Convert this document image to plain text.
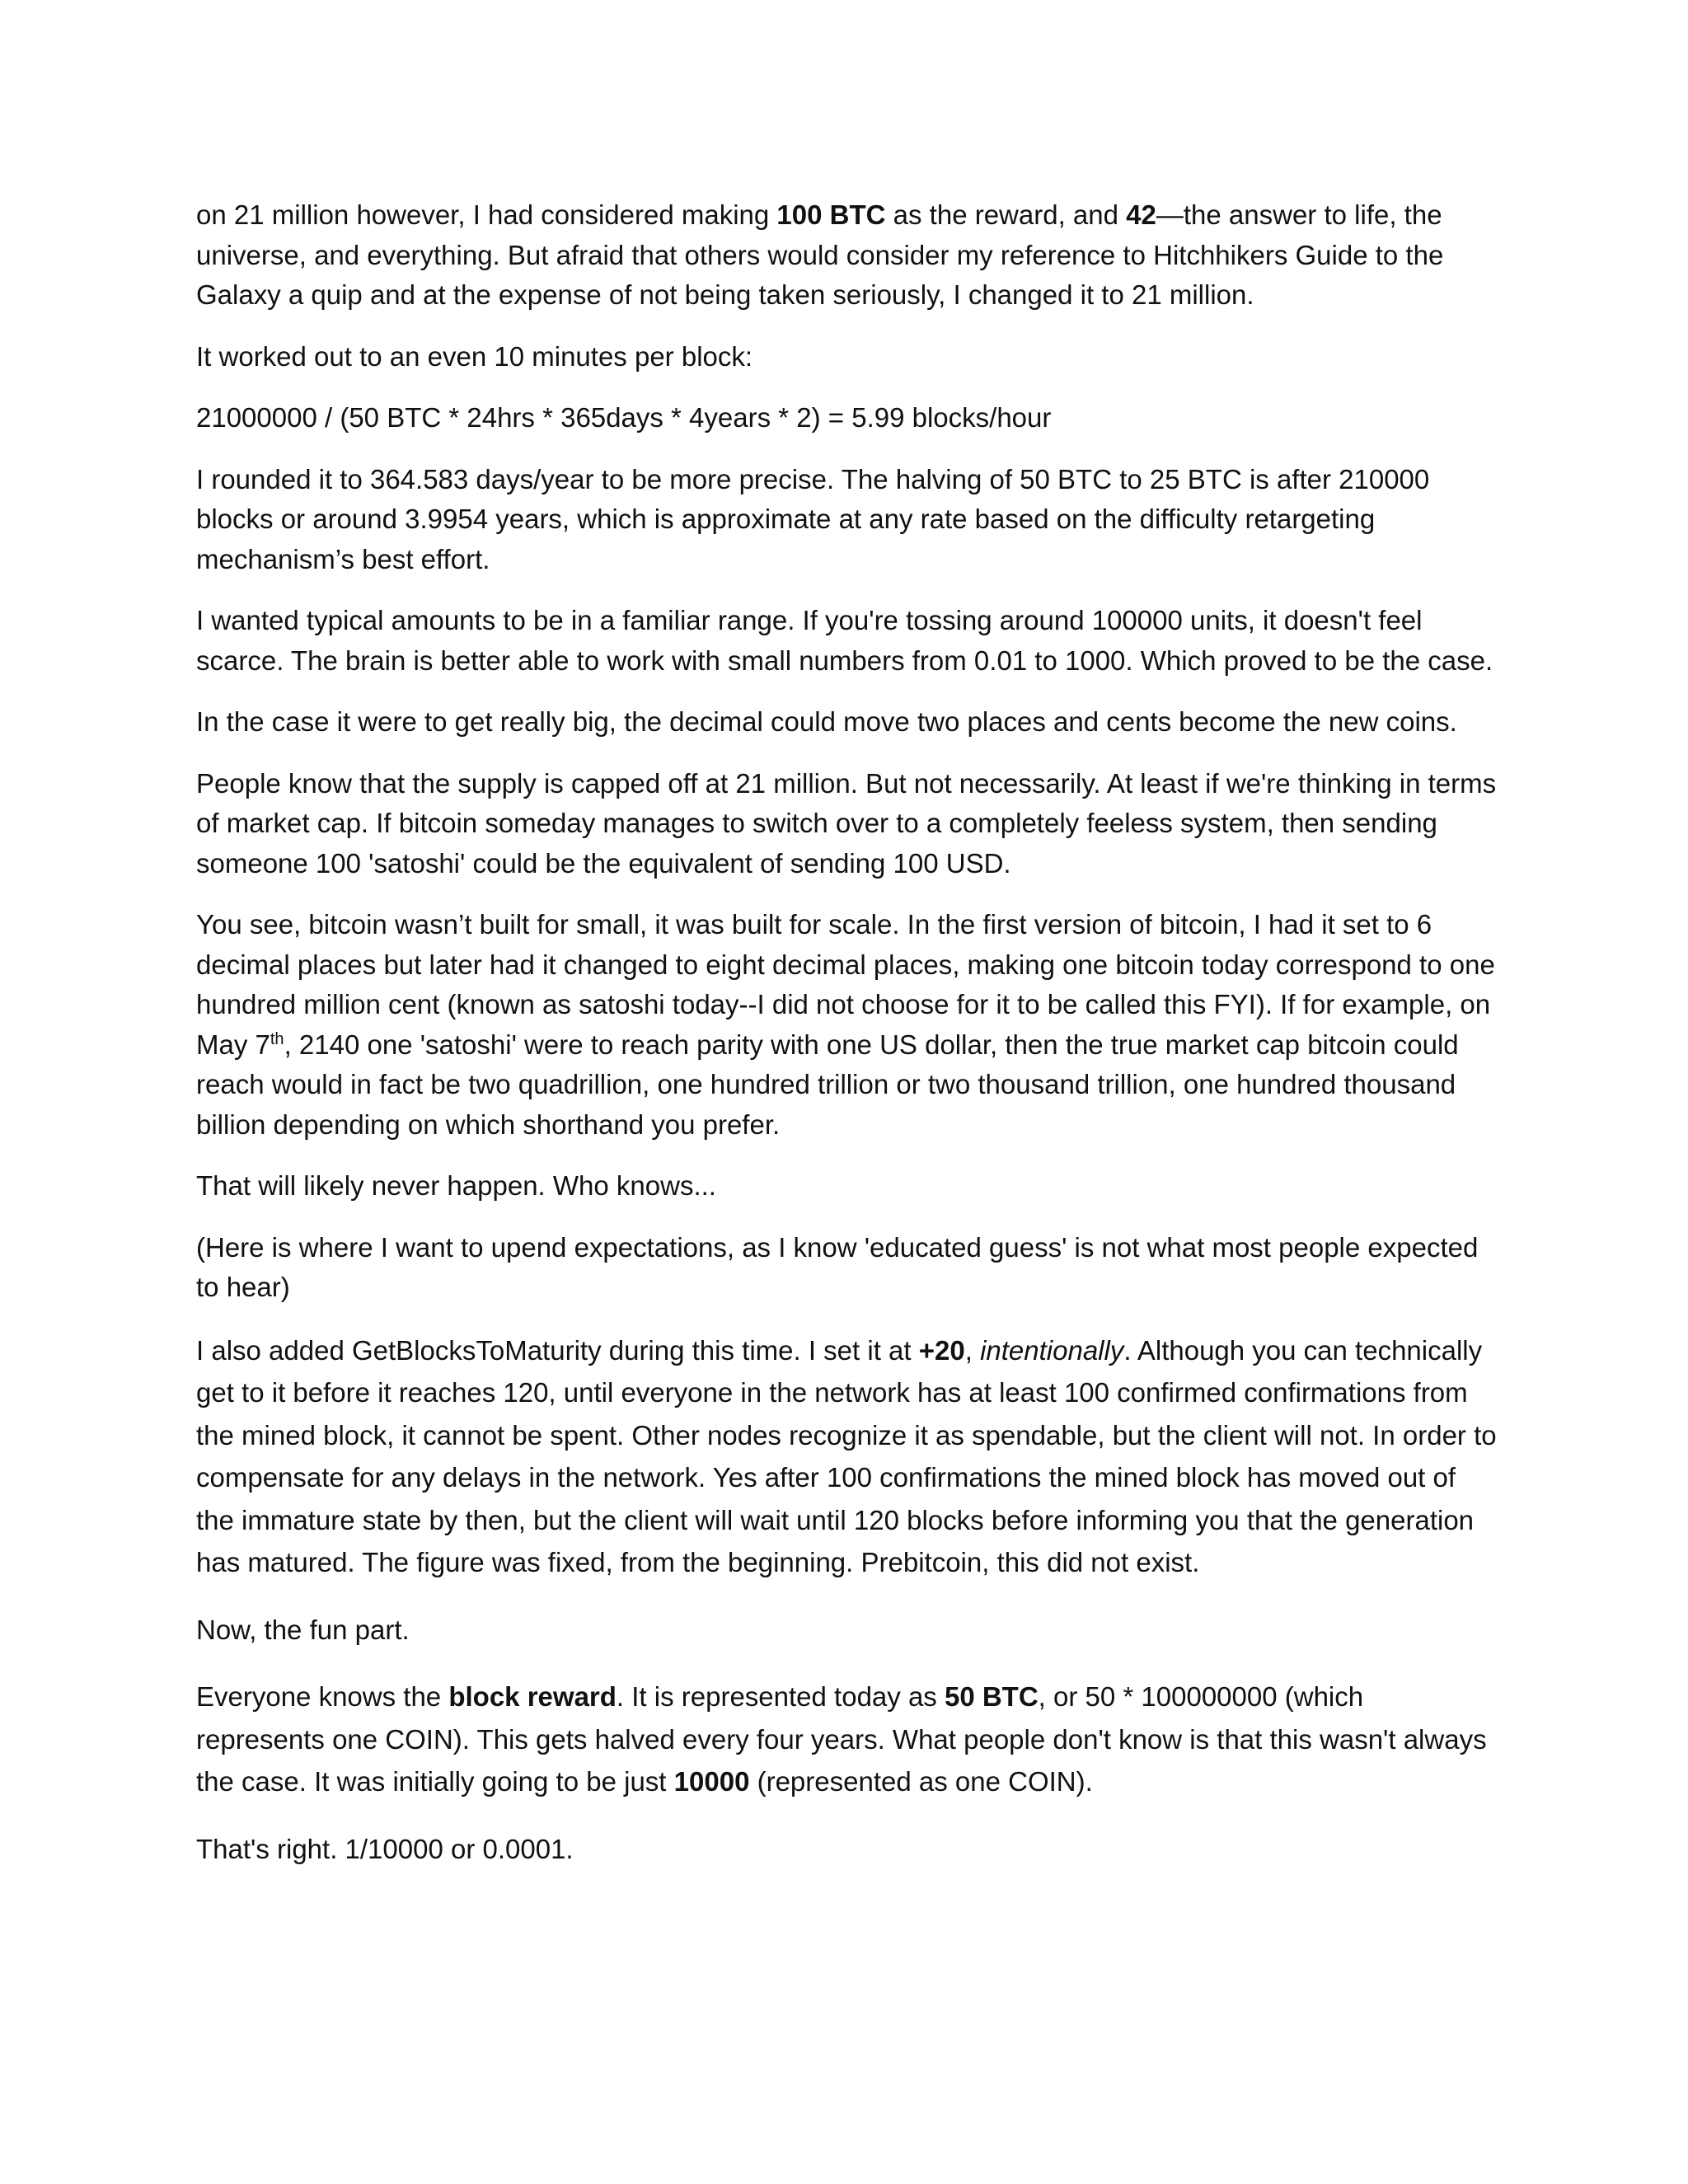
on 21 million however, I had considered making 100 BTC as the reward, and 42—the answer to life, the universe, and everything. But afraid that others would consider my reference to Hitchhikers Guide to the Galaxy a quip and at the expense of not being taken seriously, I changed it to 21 million.

It worked out to an even 10 minutes per block:

21000000 / (50 BTC * 24hrs * 365days * 4years * 2) = 5.99 blocks/hour

I rounded it to 364.583 days/year to be more precise. The halving of 50 BTC to 25 BTC is after 210000 blocks or around 3.9954 years, which is approximate at any rate based on the difficulty retargeting mechanism’s best effort.

I wanted typical amounts to be in a familiar range. If you're tossing around 100000 units, it doesn't feel scarce. The brain is better able to work with small numbers from 0.01 to 1000. Which proved to be the case.

In the case it were to get really big, the decimal could move two places and cents become the new coins.

People know that the supply is capped off at 21 million. But not necessarily. At least if we're thinking in terms of market cap. If bitcoin someday manages to switch over to a completely feeless system, then sending someone 100 'satoshi' could be the equivalent of sending 100 USD.

You see, bitcoin wasn’t built for small, it was built for scale. In the first version of bitcoin, I had it set to 6 decimal places but later had it changed to eight decimal places, making one bitcoin today correspond to one hundred million cent (known as satoshi today--I did not choose for it to be called this FYI). If for example, on May 7th, 2140 one 'satoshi' were to reach parity with one US dollar, then the true market cap bitcoin could reach would in fact be two quadrillion, one hundred trillion or two thousand trillion, one hundred thousand billion depending on which shorthand you prefer.

That will likely never happen. Who knows...

(Here is where I want to upend expectations, as I know 'educated guess' is not what most people expected to hear)

I also added GetBlocksToMaturity during this time. I set it at +20, intentionally. Although you can technically get to it before it reaches 120, until everyone in the network has at least 100 confirmed confirmations from the mined block, it cannot be spent. Other nodes recognize it as spendable, but the client will not. In order to compensate for any delays in the network. Yes after 100 confirmations the mined block has moved out of the immature state by then, but the client will wait until 120 blocks before informing you that the generation has matured. The figure was fixed, from the beginning. Prebitcoin, this did not exist.

Now, the fun part.

Everyone knows the block reward. It is represented today as 50 BTC, or 50 * 100000000 (which represents one COIN). This gets halved every four years. What people don't know is that this wasn't always the case. It was initially going to be just 10000 (represented as one COIN).

That's right. 1/10000 or 0.0001.
